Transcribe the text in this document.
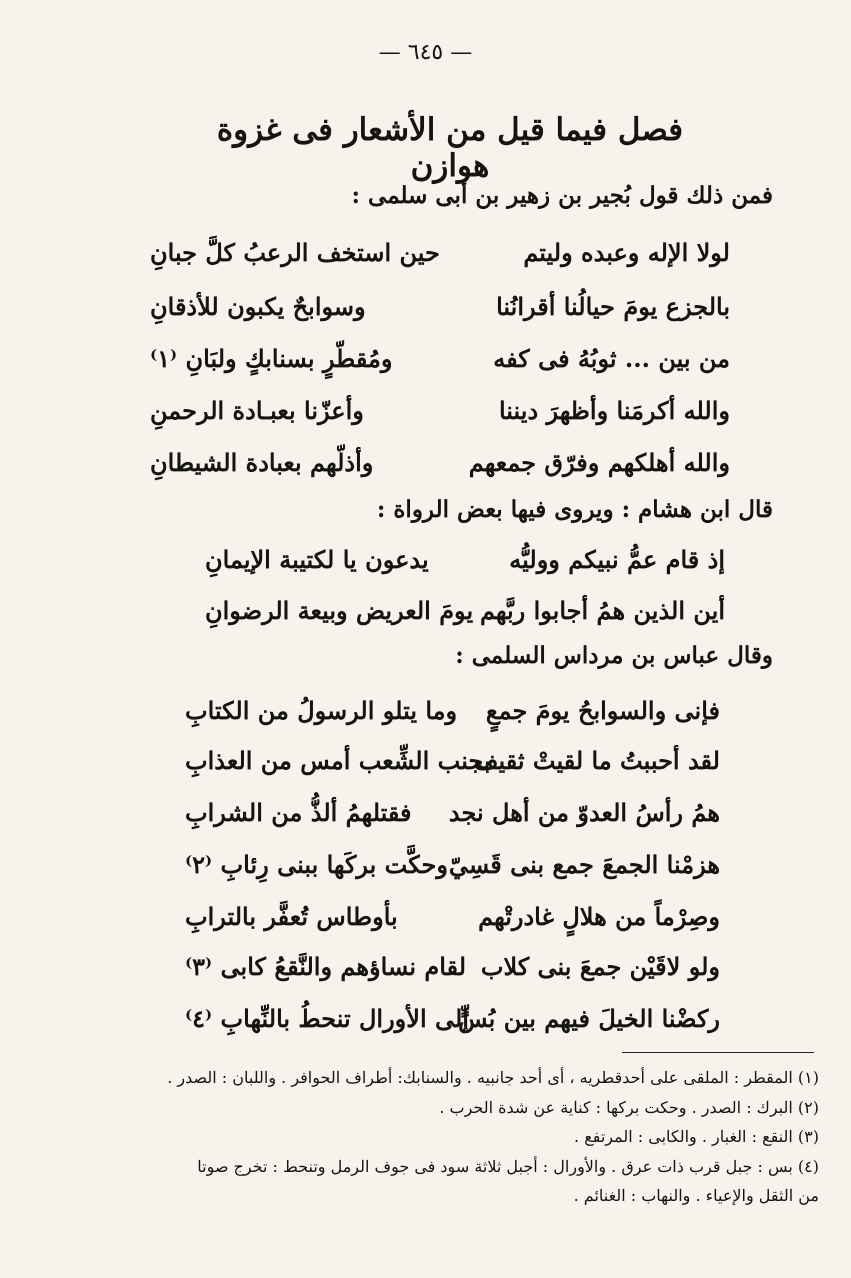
— ٦٤٥ —
فصل فيما قيل من الأشعار فى غزوة هوازن
فمن ذلك قول بُجير بن زهير بن أبى سلمى :
لولا الإله وعبده وليتم
حين استخف الرعبُ كلَّ جبانِ
بالجزع يومَ حيالُنا أقرانُنا
وسوابحٌ يكبون للأذقانِ
من بين ... ثوبُهُ فى كفه
ومُقطّرٍ بسنابكٍ ولبَانِ ⁽١⁾
والله أكرمَنا وأظهرَ ديننا
وأعزّنا بعبـادة الرحمنِ
والله أهلكهم وفرّق جمعهم
وأذلّهم بعبادة الشيطانِ
قال ابن هشام : ويروى فيها بعض الرواة :
إذ قام عمُّ نبيكم ووليُّه
يدعون يا لكتيبة الإيمانِ
أين الذين همُ أجابوا ربَّهم
يومَ العريض وبيعة الرضوانِ
وقال عباس بن مرداس السلمى :
فإنى والسوابحُ يومَ جمعٍ
وما يتلو الرسولُ من الكتابِ
لقد أحببتُ ما لقيتْ ثقيف
بجنب الشِّعب أمس من العذابِ
همُ رأسُ العدوّ من أهل نجد
فقتلهمُ ألذُّ من الشرابِ
هزمْنا الجمعَ جمع بنى قَسِيّ
وحكَّت بركَها ببنى رِئابِ ⁽٢⁾
وصِرْماً من هلالٍ غادرتْهم
بأوطاس تُعفَّر بالترابِ
ولو لاقَيْن جمعَ بنى كلاب
لقام نساؤهم والنَّقعُ كابى ⁽٣⁾
ركضْنا الخيلَ فيهم بين بُسٍّ
إلى الأورال تنحطُ بالنِّهابِ ⁽٤⁾
(١) المقطر : الملقى على أحدقطريه ، أى أحد جانبيه . والسنابك: أطراف الحوافر . واللبان : الصدر .
(٢) البرك : الصدر . وحكت بركها : كناية عن شدة الحرب .
(٣) النقع : الغبار . والكابى : المرتفع .
(٤) بس : جبل قرب ذات عرق . والأورال : أجبل ثلاثة سود فى جوف الرمل وتنحط : تخرج صوتا
من الثقل والإعياء . والنهاب : الغنائم .
